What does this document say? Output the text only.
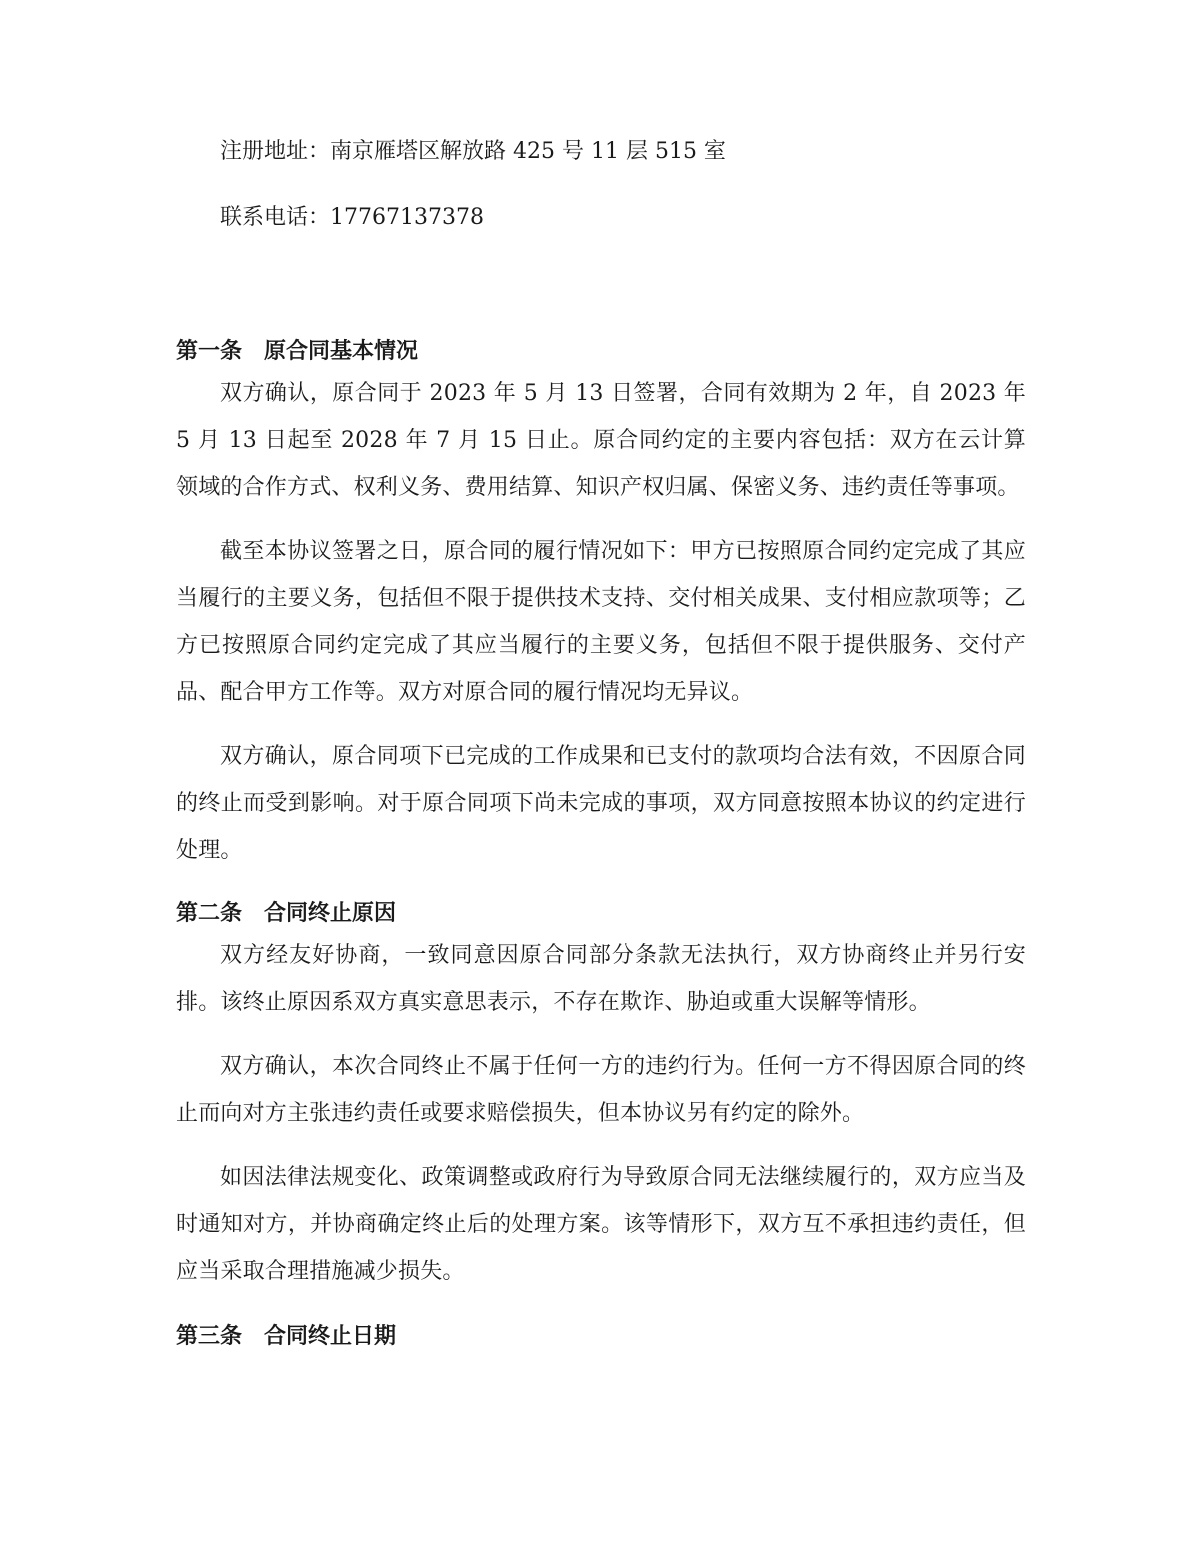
注册地址：南京雁塔区解放路 425 号 11 层 515 室

联系电话：17767137378

第一条　原合同基本情况

双方确认，原合同于 2023 年 5 月 13 日签署，合同有效期为 2 年，自 2023 年 5 月 13 日起至 2028 年 7 月 15 日止。原合同约定的主要内容包括：双方在云计算领域的合作方式、权利义务、费用结算、知识产权归属、保密义务、违约责任等事项。

截至本协议签署之日，原合同的履行情况如下：甲方已按照原合同约定完成了其应当履行的主要义务，包括但不限于提供技术支持、交付相关成果、支付相应款项等；乙方已按照原合同约定完成了其应当履行的主要义务，包括但不限于提供服务、交付产品、配合甲方工作等。双方对原合同的履行情况均无异议。

双方确认，原合同项下已完成的工作成果和已支付的款项均合法有效，不因原合同的终止而受到影响。对于原合同项下尚未完成的事项，双方同意按照本协议的约定进行处理。

第二条　合同终止原因

双方经友好协商，一致同意因原合同部分条款无法执行，双方协商终止并另行安排。该终止原因系双方真实意思表示，不存在欺诈、胁迫或重大误解等情形。

双方确认，本次合同终止不属于任何一方的违约行为。任何一方不得因原合同的终止而向对方主张违约责任或要求赔偿损失，但本协议另有约定的除外。

如因法律法规变化、政策调整或政府行为导致原合同无法继续履行的，双方应当及时通知对方，并协商确定终止后的处理方案。该等情形下，双方互不承担违约责任，但应当采取合理措施减少损失。

第三条　合同终止日期
